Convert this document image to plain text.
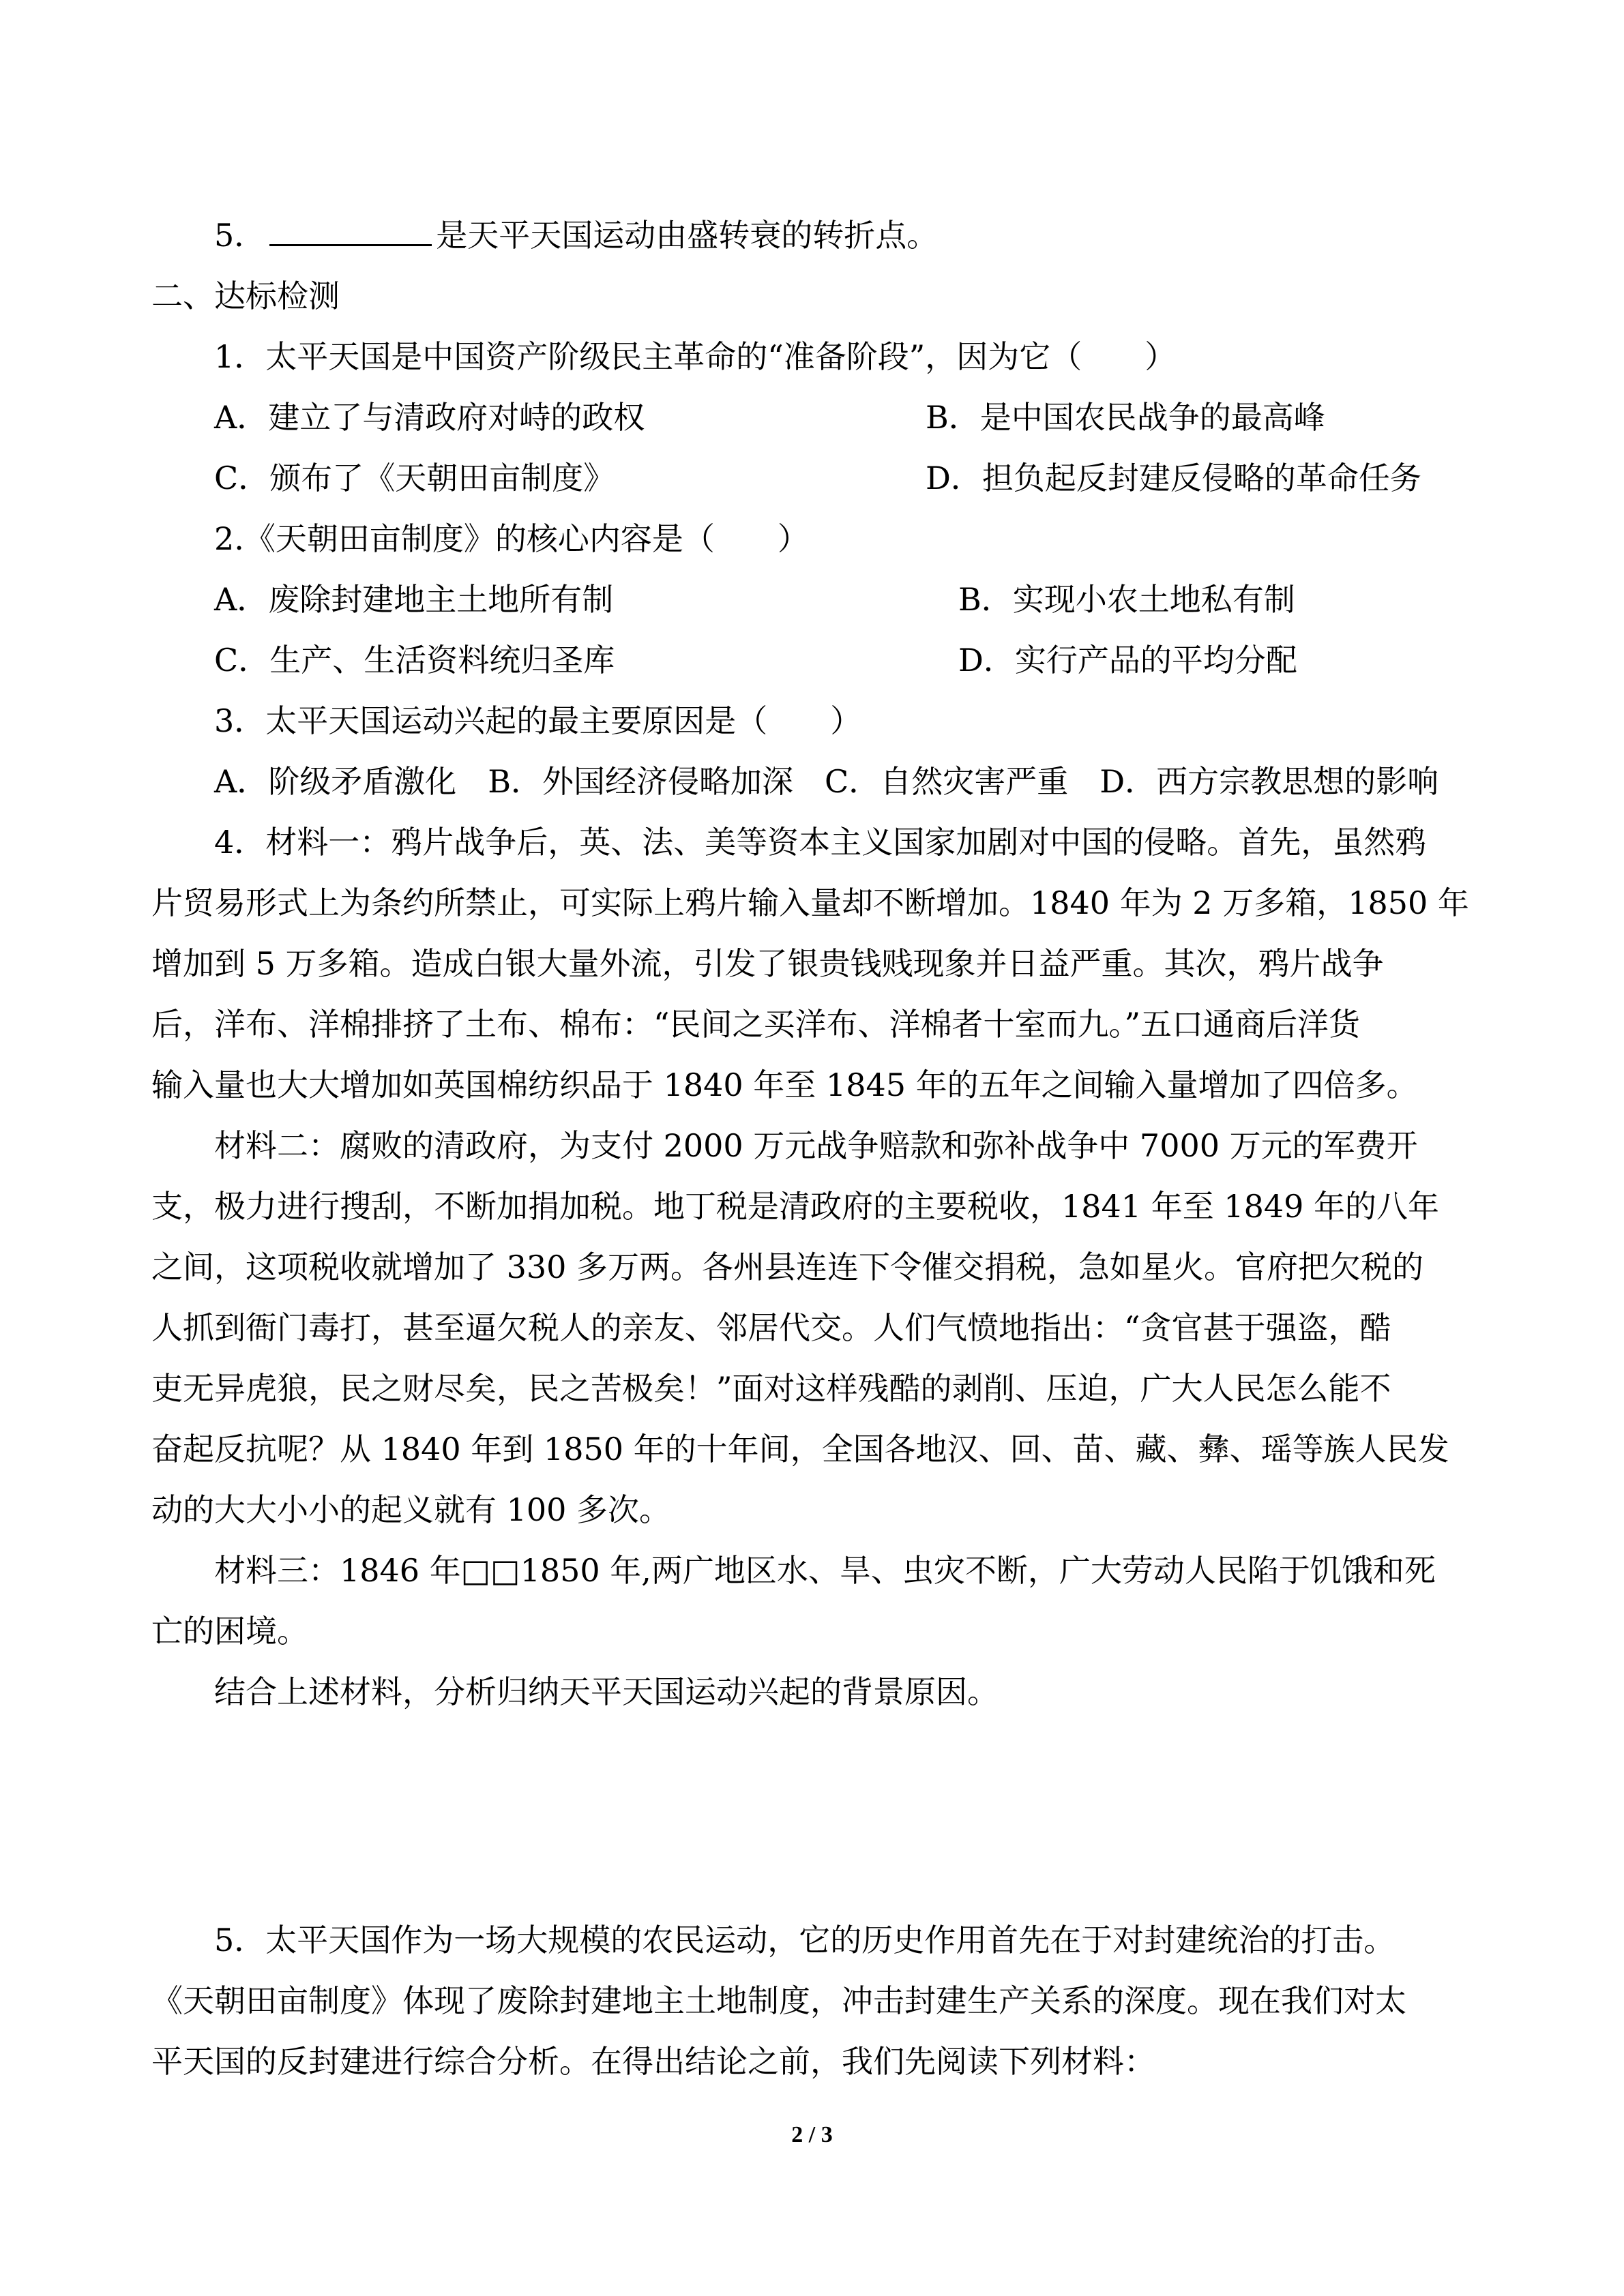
5．	是天平天国运动由盛转衰的转折点。
二、达标检测
1．太平天国是中国资产阶级民主革命的“准备阶段”，因为它（　　）
A．建立了与清政府对峙的政权	B．是中国农民战争的最高峰
C．颁布了《天朝田亩制度》	D．担负起反封建反侵略的革命任务
2.《天朝田亩制度》的核心内容是（　　）
A．废除封建地主土地所有制	B．实现小农土地私有制
C．生产、生活资料统归圣库	D．实行产品的平均分配
3．太平天国运动兴起的最主要原因是（　　）
A．阶级矛盾激化　B．外国经济侵略加深　C．自然灾害严重　D．西方宗教思想的影响
4．材料一：鸦片战争后，英、法、美等资本主义国家加剧对中国的侵略。首先，虽然鸦
片贸易形式上为条约所禁止，可实际上鸦片输入量却不断增加。1840 年为 2 万多箱，1850 年
增加到 5 万多箱。造成白银大量外流，引发了银贵钱贱现象并日益严重。其次，鸦片战争
后，洋布、洋棉排挤了土布、棉布：“民间之买洋布、洋棉者十室而九。”五口通商后洋货
输入量也大大增加如英国棉纺织品于 1840 年至 1845 年的五年之间输入量增加了四倍多。
材料二：腐败的清政府，为支付 2000 万元战争赔款和弥补战争中 7000 万元的军费开
支，极力进行搜刮，不断加捐加税。地丁税是清政府的主要税收，1841 年至 1849 年的八年
之间，这项税收就增加了 330 多万两。各州县连连下令催交捐税，急如星火。官府把欠税的
人抓到衙门毒打，甚至逼欠税人的亲友、邻居代交。人们气愤地指出：“贪官甚于强盗，酷
吏无异虎狼，民之财尽矣，民之苦极矣！”面对这样残酷的剥削、压迫，广大人民怎么能不
奋起反抗呢？从 1840 年到 1850 年的十年间，全国各地汉、回、苗、藏、彝、瑶等族人民发
动的大大小小的起义就有 100 多次。
材料三：1846 年□□1850 年,两广地区水、旱、虫灾不断，广大劳动人民陷于饥饿和死
亡的困境。
结合上述材料，分析归纳天平天国运动兴起的背景原因。
5．太平天国作为一场大规模的农民运动，它的历史作用首先在于对封建统治的打击。
《天朝田亩制度》体现了废除封建地主土地制度，冲击封建生产关系的深度。现在我们对太
平天国的反封建进行综合分析。在得出结论之前，我们先阅读下列材料：
2 / 3
